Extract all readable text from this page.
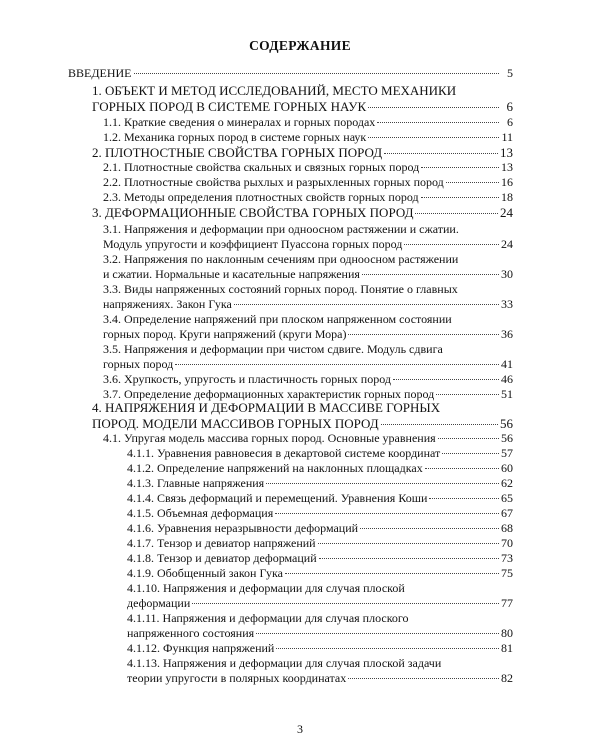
СОДЕРЖАНИЕ
ВВЕДЕНИЕ	5
1. ОБЪЕКТ И МЕТОД ИССЛЕДОВАНИЙ, МЕСТО МЕХАНИКИ
ГОРНЫХ ПОРОД В СИСТЕМЕ ГОРНЫХ НАУК	6
1.1. Краткие сведения о минералах и горных породах	6
1.2. Механика горных пород в системе горных наук	11
2. ПЛОТНОСТНЫЕ СВОЙСТВА ГОРНЫХ ПОРОД	13
2.1. Плотностные свойства скальных и связных горных пород	13
2.2. Плотностные свойства рыхлых и разрыхленных горных пород	16
2.3. Методы определения плотностных свойств горных пород	18
3. ДЕФОРМАЦИОННЫЕ СВОЙСТВА ГОРНЫХ ПОРОД	24
3.1. Напряжения и деформации при одноосном растяжении и сжатии.
Модуль упругости и коэффициент Пуассона горных пород	24
3.2. Напряжения по наклонным сечениям при одноосном растяжении
и сжатии. Нормальные и касательные напряжения	30
3.3. Виды напряженных состояний горных пород. Понятие о главных
напряжениях. Закон Гука	33
3.4. Определение напряжений при плоском напряженном состоянии
горных пород. Круги напряжений (круги Мора)	36
3.5. Напряжения и деформации при чистом сдвиге. Модуль сдвига
горных пород	41
3.6. Хрупкость, упругость и пластичность горных пород	46
3.7. Определение деформационных характеристик горных пород	51
4. НАПРЯЖЕНИЯ И ДЕФОРМАЦИИ В МАССИВЕ ГОРНЫХ
ПОРОД. МОДЕЛИ МАССИВОВ ГОРНЫХ ПОРОД	56
4.1. Упругая модель массива горных пород. Основные уравнения	56
4.1.1. Уравнения равновесия в декартовой системе координат	57
4.1.2. Определение напряжений на наклонных площадках	60
4.1.3. Главные напряжения	62
4.1.4. Связь деформаций и перемещений. Уравнения Коши	65
4.1.5. Объемная деформация	67
4.1.6. Уравнения неразрывности деформаций	68
4.1.7. Тензор и девиатор напряжений	70
4.1.8. Тензор и девиатор деформаций	73
4.1.9. Обобщенный закон Гука	75
4.1.10. Напряжения и деформации для случая плоской
деформации	77
4.1.11. Напряжения и деформации для случая плоского
напряженного состояния	80
4.1.12. Функция напряжений	81
4.1.13. Напряжения и деформации для случая плоской задачи
теории упругости в полярных координатах	82
3
